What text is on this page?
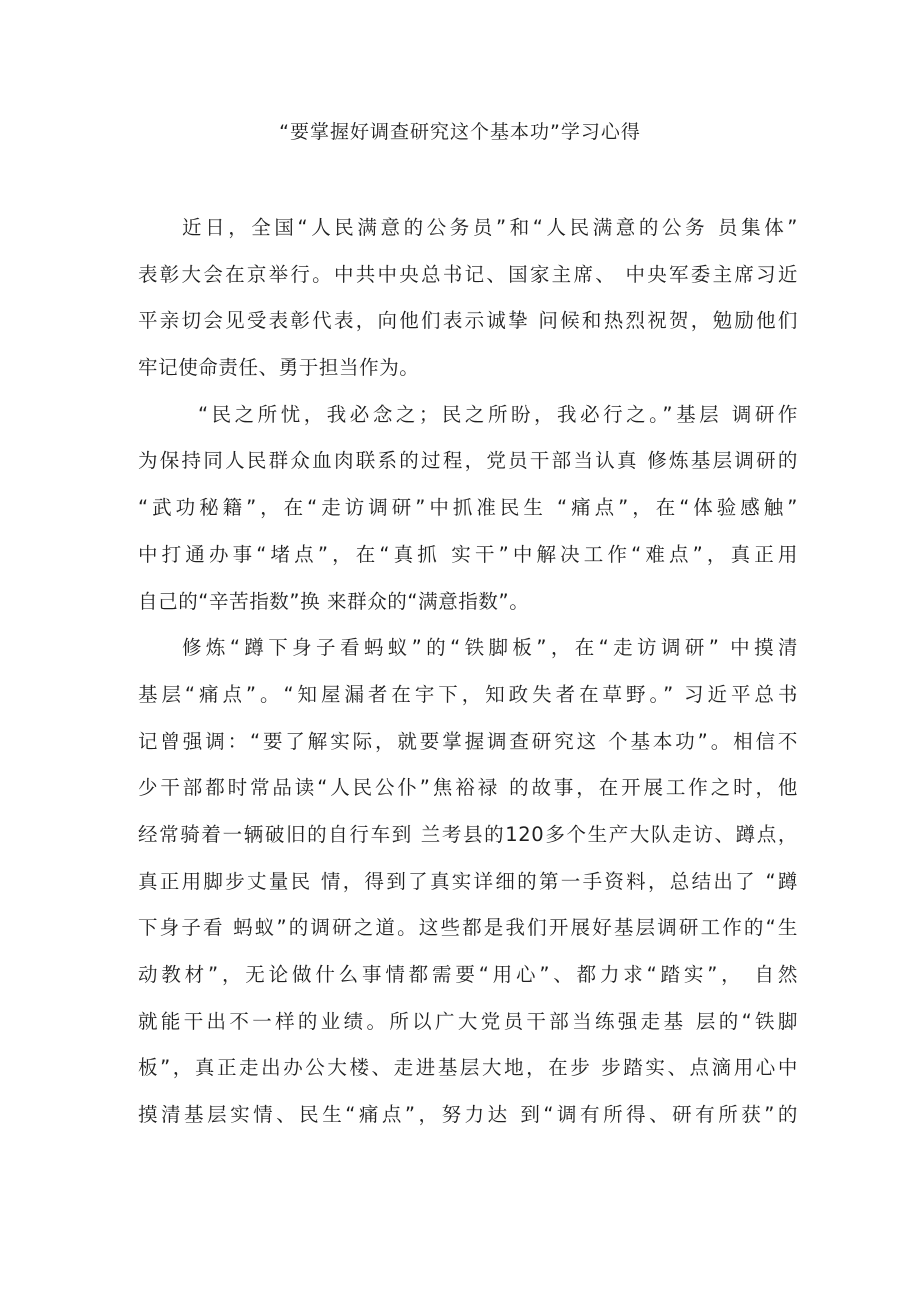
“要掌握好调查研究这个基本功”学习心得
近日，全国“人民满意的公务员”和“人民满意的公务 员集体”
表彰大会在京举行。中共中央总书记、国家主席、 中央军委主席习近
平亲切会见受表彰代表，向他们表示诚挚 问候和热烈祝贺，勉励他们
牢记使命责任、勇于担当作为。
“民之所忧，我必念之；民之所盼，我必行之。”基层 调研作
为保持同人民群众血肉联系的过程，党员干部当认真 修炼基层调研的
“武功秘籍”，在“走访调研”中抓准民生 “痛点”，在“体验感触”
中打通办事“堵点”，在“真抓 实干”中解决工作“难点”，真正用
自己的“辛苦指数”换 来群众的“满意指数”。
修炼“蹲下身子看蚂蚁”的“铁脚板”，在“走访调研” 中摸清
基层“痛点”。“知屋漏者在宇下，知政失者在草野。” 习近平总书
记曾强调：“要了解实际，就要掌握调查研究这 个基本功”。相信不
少干部都时常品读“人民公仆”焦裕禄 的故事，在开展工作之时，他
经常骑着一辆破旧的自行车到 兰考县的120多个生产大队走访、蹲点，
真正用脚步丈量民 情，得到了真实详细的第一手资料，总结出了 “蹲
下身子看 蚂蚁”的调研之道。这些都是我们开展好基层调研工作的“生
动教材”，无论做什么事情都需要“用心”、都力求“踏实”， 自然
就能干出不一样的业绩。所以广大党员干部当练强走基 层的“铁脚
板”，真正走出办公大楼、走进基层大地，在步 步踏实、点滴用心中
摸清基层实情、民生“痛点”，努力达 到“调有所得、研有所获”的
